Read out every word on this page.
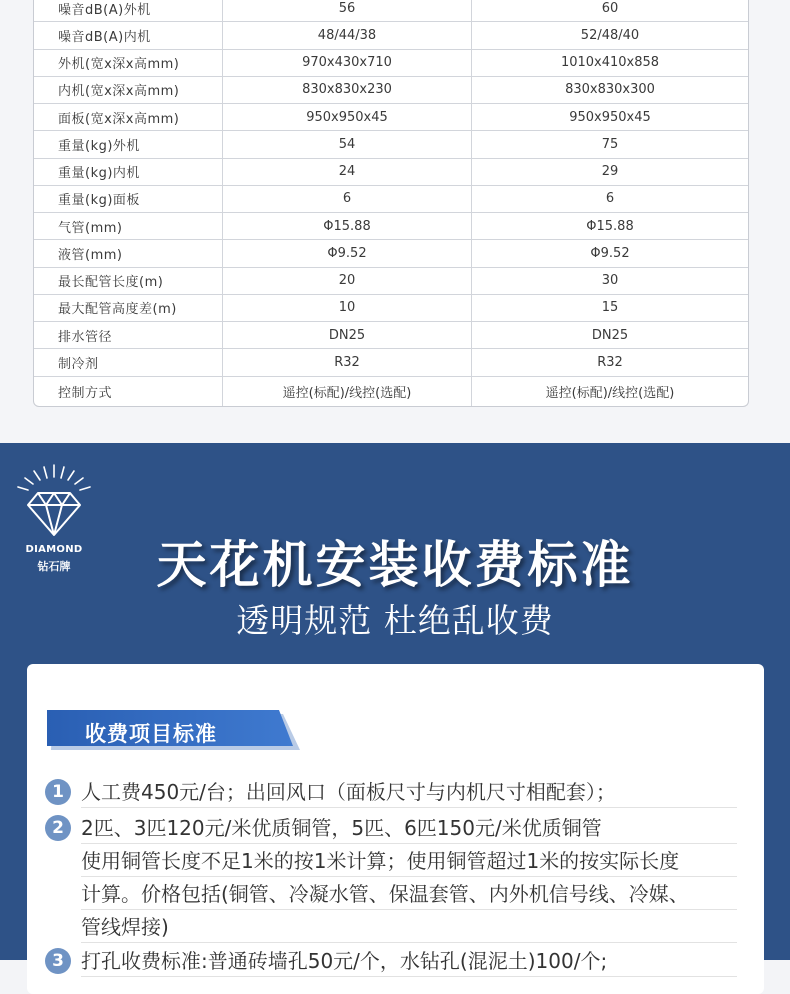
噪音dB(A)外机	56	60
噪音dB(A)内机	48/44/38	52/48/40
外机(宽x深x高mm)	970x430x710	1010x410x858
内机(宽x深x高mm)	830x830x230	830x830x300
面板(宽x深x高mm)	950x950x45	950x950x45
重量(kg)外机	54	75
重量(kg)内机	24	29
重量(kg)面板	6	6
气管(mm)	Φ15.88	Φ15.88
液管(mm)	Φ9.52	Φ9.52
最长配管长度(m)	20	30
最大配管高度差(m)	10	15
排水管径	DN25	DN25
制冷剂	R32	R32
控制方式	遥控(标配)/线控(选配)	遥控(标配)/线控(选配)
DIAMOND
钻石牌	天花机安装收费标准
透明规范 杜绝乱收费
收费项目标准
1 人工费450元/台；出回风口（面板尺寸与内机尺寸相配套）；
2 2匹、3匹120元/米优质铜管，5匹、6匹150元/米优质铜管
使用铜管长度不足1米的按1米计算；使用铜管超过1米的按实际长度
计算。价格包括(铜管、冷凝水管、保温套管、内外机信号线、冷媒、
管线焊接)
3 打孔收费标准:普通砖墙孔50元/个，水钻孔(混泥土)100/个;
